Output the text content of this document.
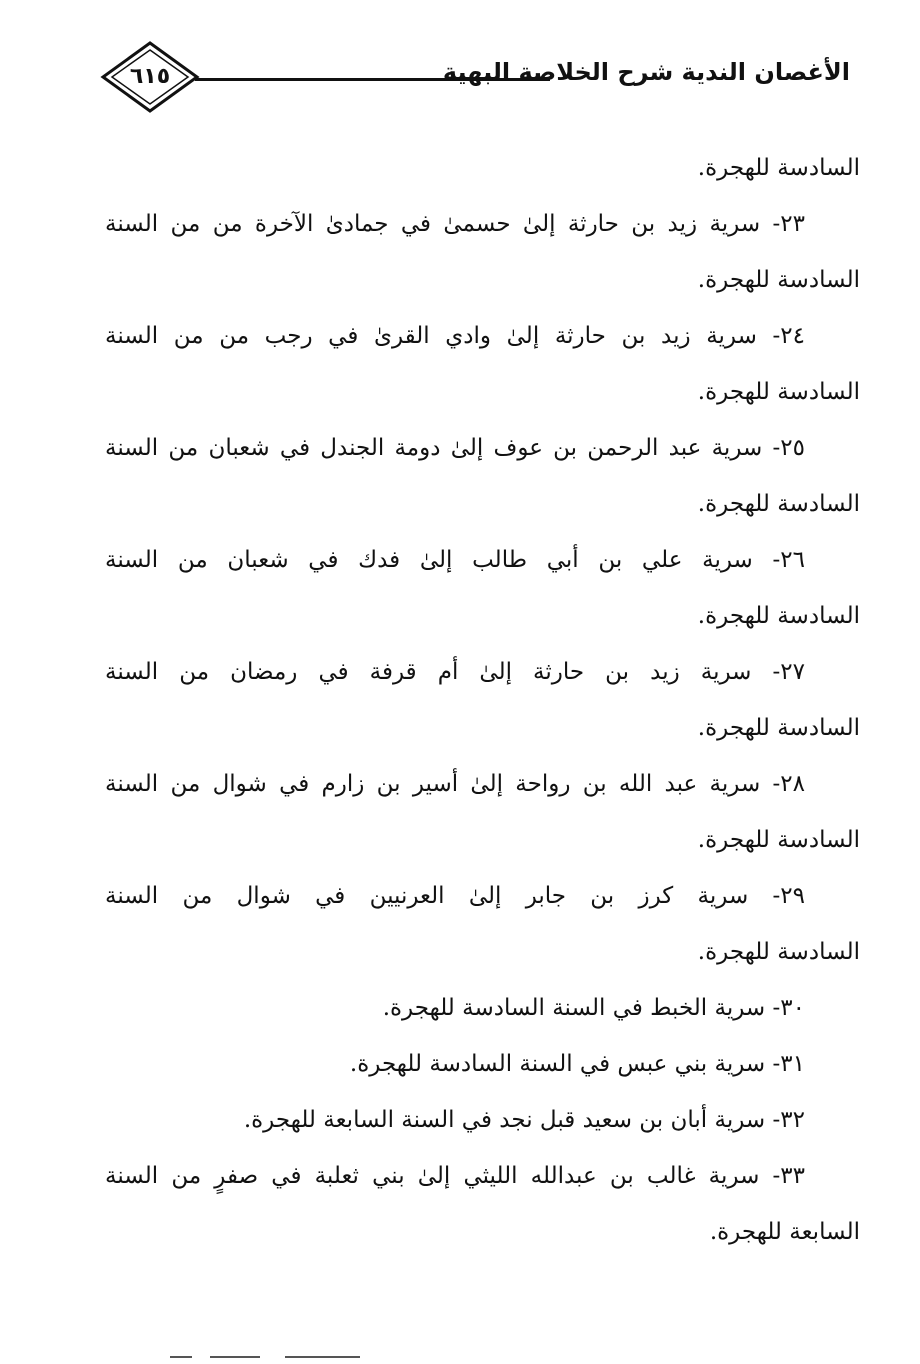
٦١٥	الأغصان الندية شرح الخلاصة البهية
السادسة للهجرة.
٢٣- سرية زيد بن حارثة إلىٰ حسمىٰ في جمادىٰ الآخرة من من السنة
السادسة للهجرة.
٢٤- سرية زيد بن حارثة إلىٰ وادي القرىٰ في رجب من من السنة
السادسة للهجرة.
٢٥- سرية عبد الرحمن بن عوف إلىٰ دومة الجندل في شعبان من السنة
السادسة للهجرة.
٢٦- سرية علي بن أبي طالب إلىٰ فدك في شعبان من السنة
السادسة للهجرة.
٢٧- سرية زيد بن حارثة إلىٰ أم قرفة في رمضان من السنة
السادسة للهجرة.
٢٨- سرية عبد الله بن رواحة إلىٰ أسير بن زارم في شوال من السنة
السادسة للهجرة.
٢٩- سرية كرز بن جابر إلىٰ العرنيين في شوال من السنة
السادسة للهجرة.
٣٠- سرية الخبط في السنة السادسة للهجرة.
٣١- سرية بني عبس في السنة السادسة للهجرة.
٣٢- سرية أبان بن سعيد قبل نجد في السنة السابعة للهجرة.
٣٣- سرية غالب بن عبدالله الليثي إلىٰ بني ثعلبة في صفرٍ من السنة
السابعة للهجرة.
